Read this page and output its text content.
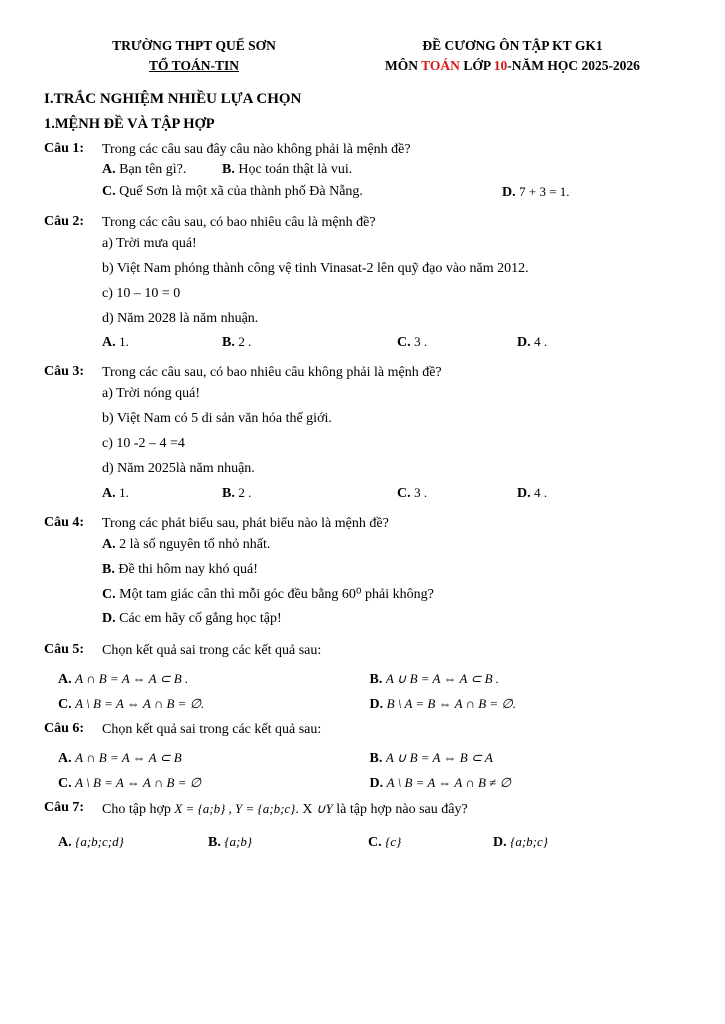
TRƯỜNG THPT QUẾ SƠN
TỔ TOÁN-TIN
ĐỀ CƯƠNG ÔN TẬP KT GK1
MÔN TOÁN LỚP 10-NĂM HỌC 2025-2026
I.TRẮC NGHIỆM NHIỀU LỰA CHỌN
1.MỆNH ĐỀ VÀ TẬP HỢP
Câu 1:	Trong các câu sau đây câu nào không phải là mệnh đề?
A. Bạn tên gì?.	B. Học toán thật là vui.
C. Quế Sơn là một xã của thành phố Đà Nẵng.	D. 7 + 3 = 1.
Câu 2:	Trong các câu sau, có bao nhiêu câu là mệnh đề?
a) Trời mưa quá!
b) Việt Nam phóng thành công vệ tinh Vinasat-2 lên quỹ đạo vào năm 2012.
c) 10 – 10 = 0
d) Năm 2028 là năm nhuận.
A. 1.	B. 2 .	C. 3 .	D. 4 .
Câu 3:	Trong các câu sau, có bao nhiêu câu không phải là mệnh đề?
a) Trời nóng quá!
b) Việt Nam có 5 di sản văn hóa thế giới.
c) 10 -2 – 4 =4
d) Năm 2025là năm nhuận.
A. 1.	B. 2 .	C. 3 .	D. 4 .
Câu 4:	Trong các phát biểu sau, phát biểu nào là mệnh đề?
A. 2 là số nguyên tố nhỏ nhất.
B. Đề thi hôm nay khó quá!
C. Một tam giác cân thì mỗi góc đều bằng 60⁰ phải không?
D. Các em hãy cố gắng học tập!
Câu 5:	Chọn kết quả sai trong các kết quả sau:
A. A ∩ B = A ⇔ A ⊂ B .	B. A ∪ B = A ⇔ A ⊂ B .
C. A \ B = A ⇔ A ∩ B = ∅.	D. B \ A = B ⇔ A ∩ B = ∅.
Câu 6:	Chọn kết quả sai trong các kết quả sau:
A. A ∩ B = A ⇔ A ⊂ B	B. A ∪ B = A ⇔ B ⊂ A
C. A \ B = A ⇔ A ∩ B = ∅	D. A \ B = A ⇔ A ∩ B ≠ ∅
Câu 7:	Cho tập hợp X = {a;b} , Y = {a;b;c}. X ∪Y là tập hợp nào sau đây?
A. {a;b;c;d}	B. {a;b}	C. {c}	D. {a;b;c}
